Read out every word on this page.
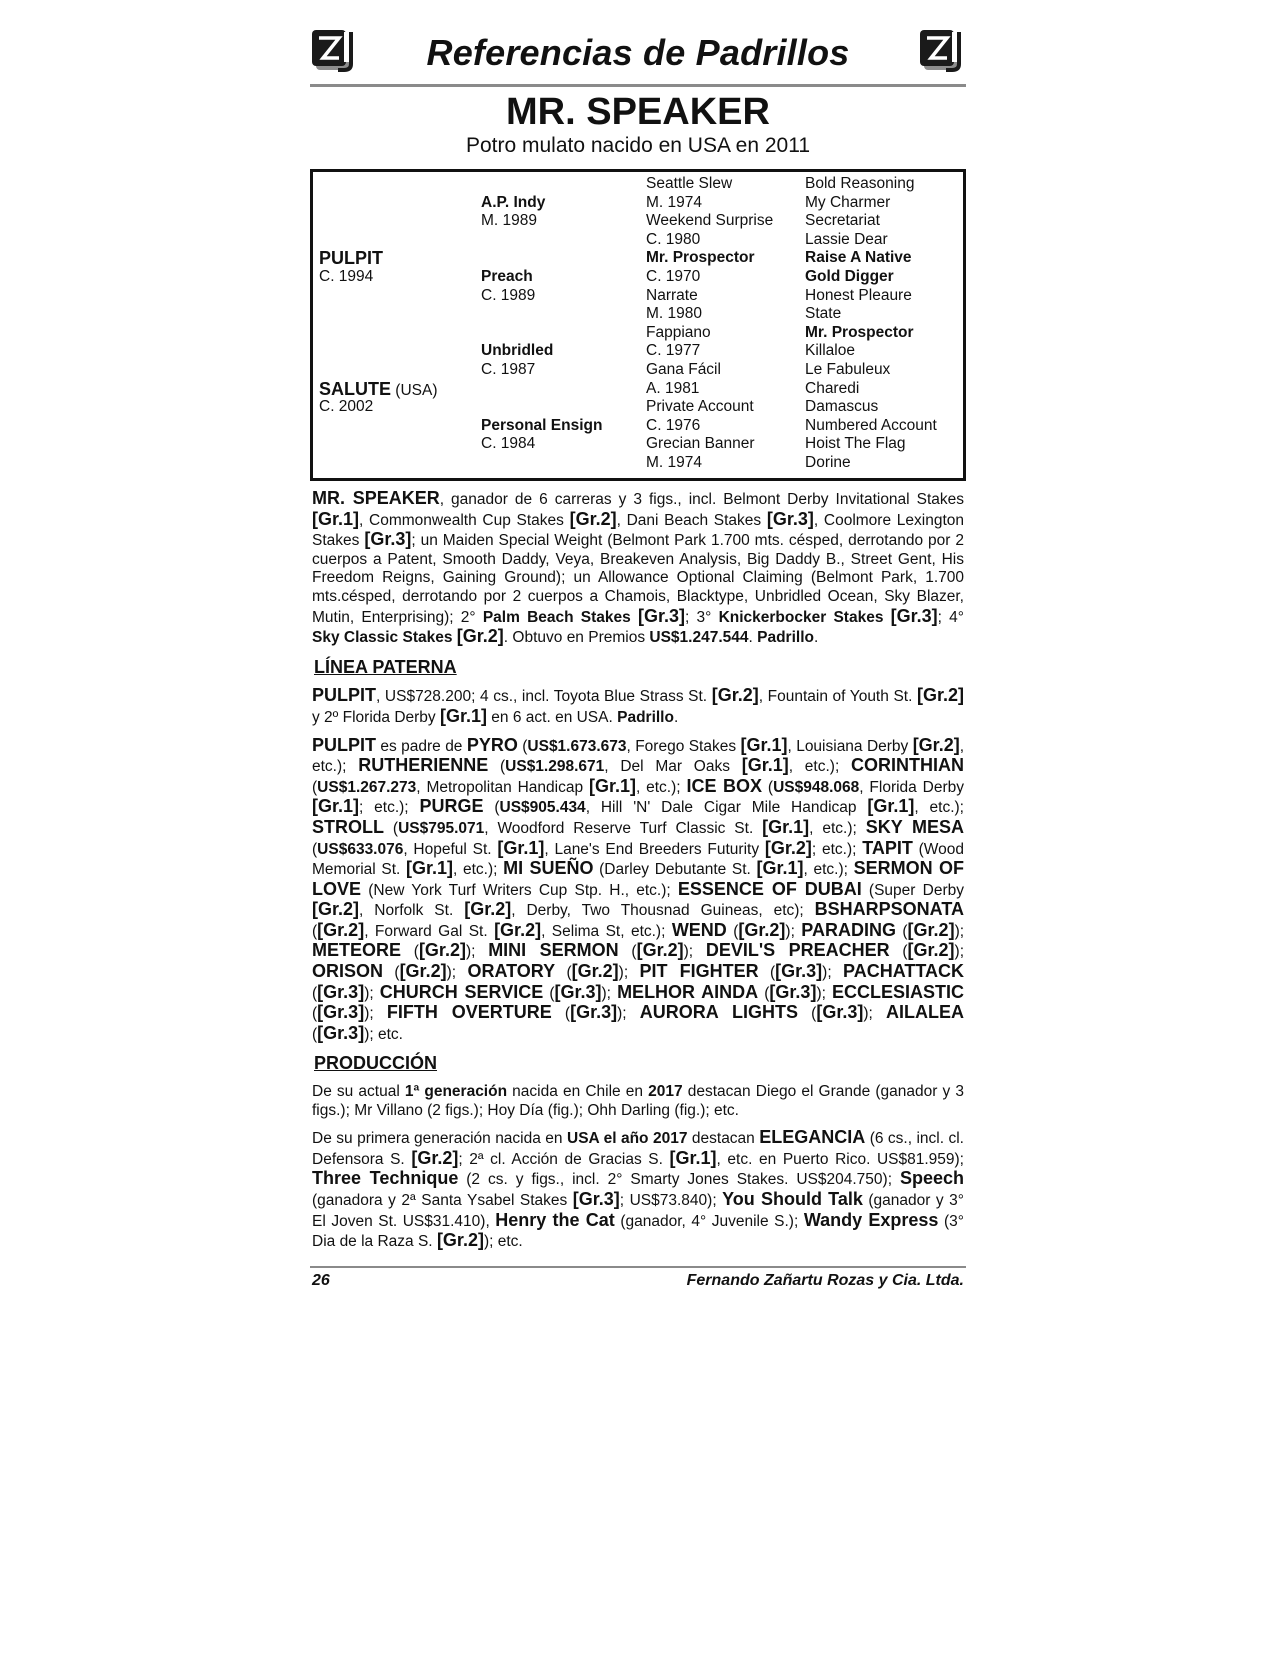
Referencias de Padrillos
MR. SPEAKER
Potro mulato nacido en USA en 2011
PULPIT
C. 1994
SALUTE (USA)
C. 2002
A.P. Indy
M. 1989
Preach
C. 1989
Unbridled
C. 1987
Personal Ensign
C. 1984
Seattle Slew
M. 1974
Weekend Surprise
C. 1980
Mr. Prospector
C. 1970
Narrate
M. 1980
Fappiano
C. 1977
Gana Fácil
A. 1981
Private Account
C. 1976
Grecian Banner
M. 1974
Bold Reasoning
My Charmer
Secretariat
Lassie Dear
Raise A Native
Gold Digger
Honest Pleaure
State
Mr. Prospector
Killaloe
Le Fabuleux
Charedi
Damascus
Numbered Account
Hoist The Flag
Dorine

MR. SPEAKER, ganador de 6 carreras y 3 figs., incl. Belmont Derby Invitational Stakes [Gr.1], Commonwealth Cup Stakes [Gr.2], Dani Beach Stakes [Gr.3], Coolmore Lexington Stakes [Gr.3]; un Maiden Special Weight (Belmont Park 1.700 mts. césped, derrotando por 2 cuerpos a Patent, Smooth Daddy, Veya, Breakeven Analysis, Big Daddy B., Street Gent, His Freedom Reigns, Gaining Ground); un Allowance Optional Claiming (Belmont Park, 1.700 mts.césped, derrotando por 2 cuerpos a Chamois, Blacktype, Unbridled Ocean, Sky Blazer, Mutin, Enterprising); 2° Palm Beach Stakes [Gr.3]; 3° Knickerbocker Stakes [Gr.3]; 4° Sky Classic Stakes [Gr.2]. Obtuvo en Premios US$1.247.544. Padrillo.

LÍNEA PATERNA

PULPIT, US$728.200; 4 cs., incl. Toyota Blue Strass St. [Gr.2], Fountain of Youth St. [Gr.2] y 2º Florida Derby [Gr.1] en 6 act. en USA. Padrillo.

PULPIT es padre de PYRO (US$1.673.673, Forego Stakes [Gr.1], Louisiana Derby [Gr.2], etc.); RUTHERIENNE (US$1.298.671, Del Mar Oaks [Gr.1], etc.); CORINTHIAN (US$1.267.273, Metropolitan Handicap [Gr.1], etc.); ICE BOX (US$948.068, Florida Derby [Gr.1]; etc.); PURGE (US$905.434, Hill 'N' Dale Cigar Mile Handicap [Gr.1], etc.); STROLL (US$795.071, Woodford Reserve Turf Classic St. [Gr.1], etc.); SKY MESA (US$633.076, Hopeful St. [Gr.1], Lane's End Breeders Futurity [Gr.2]; etc.); TAPIT (Wood Memorial St. [Gr.1], etc.); MI SUEÑO (Darley Debutante St. [Gr.1], etc.); SERMON OF LOVE (New York Turf Writers Cup Stp. H., etc.); ESSENCE OF DUBAI (Super Derby [Gr.2], Norfolk St. [Gr.2], Derby, Two Thousnad Guineas, etc); BSHARPSONATA ([Gr.2], Forward Gal St. [Gr.2], Selima St, etc.); WEND ([Gr.2]); PARADING ([Gr.2]); METEORE ([Gr.2]); MINI SERMON ([Gr.2]); DEVIL'S PREACHER ([Gr.2]); ORISON ([Gr.2]); ORATORY ([Gr.2]); PIT FIGHTER ([Gr.3]); PACHATTACK ([Gr.3]); CHURCH SERVICE ([Gr.3]); MELHOR AINDA ([Gr.3]); ECCLESIASTIC ([Gr.3]); FIFTH OVERTURE ([Gr.3]); AURORA LIGHTS ([Gr.3]); AILALEA ([Gr.3]); etc.

PRODUCCIÓN

De su actual 1ª generación nacida en Chile en 2017 destacan Diego el Grande (ganador y 3 figs.); Mr Villano (2 figs.); Hoy Día (fig.); Ohh Darling (fig.); etc.

De su primera generación nacida en USA el año 2017 destacan ELEGANCIA (6 cs., incl. cl. Defensora S. [Gr.2]; 2ª cl. Acción de Gracias S. [Gr.1], etc. en Puerto Rico. US$81.959); Three Technique (2 cs. y figs., incl. 2° Smarty Jones Stakes. US$204.750); Speech (ganadora y 2ª Santa Ysabel Stakes [Gr.3]; US$73.840); You Should Talk (ganador y 3° El Joven St. US$31.410), Henry the Cat (ganador, 4° Juvenile S.); Wandy Express (3° Dia de la Raza S. [Gr.2]); etc.

26	Fernando Zañartu Rozas y Cia. Ltda.
